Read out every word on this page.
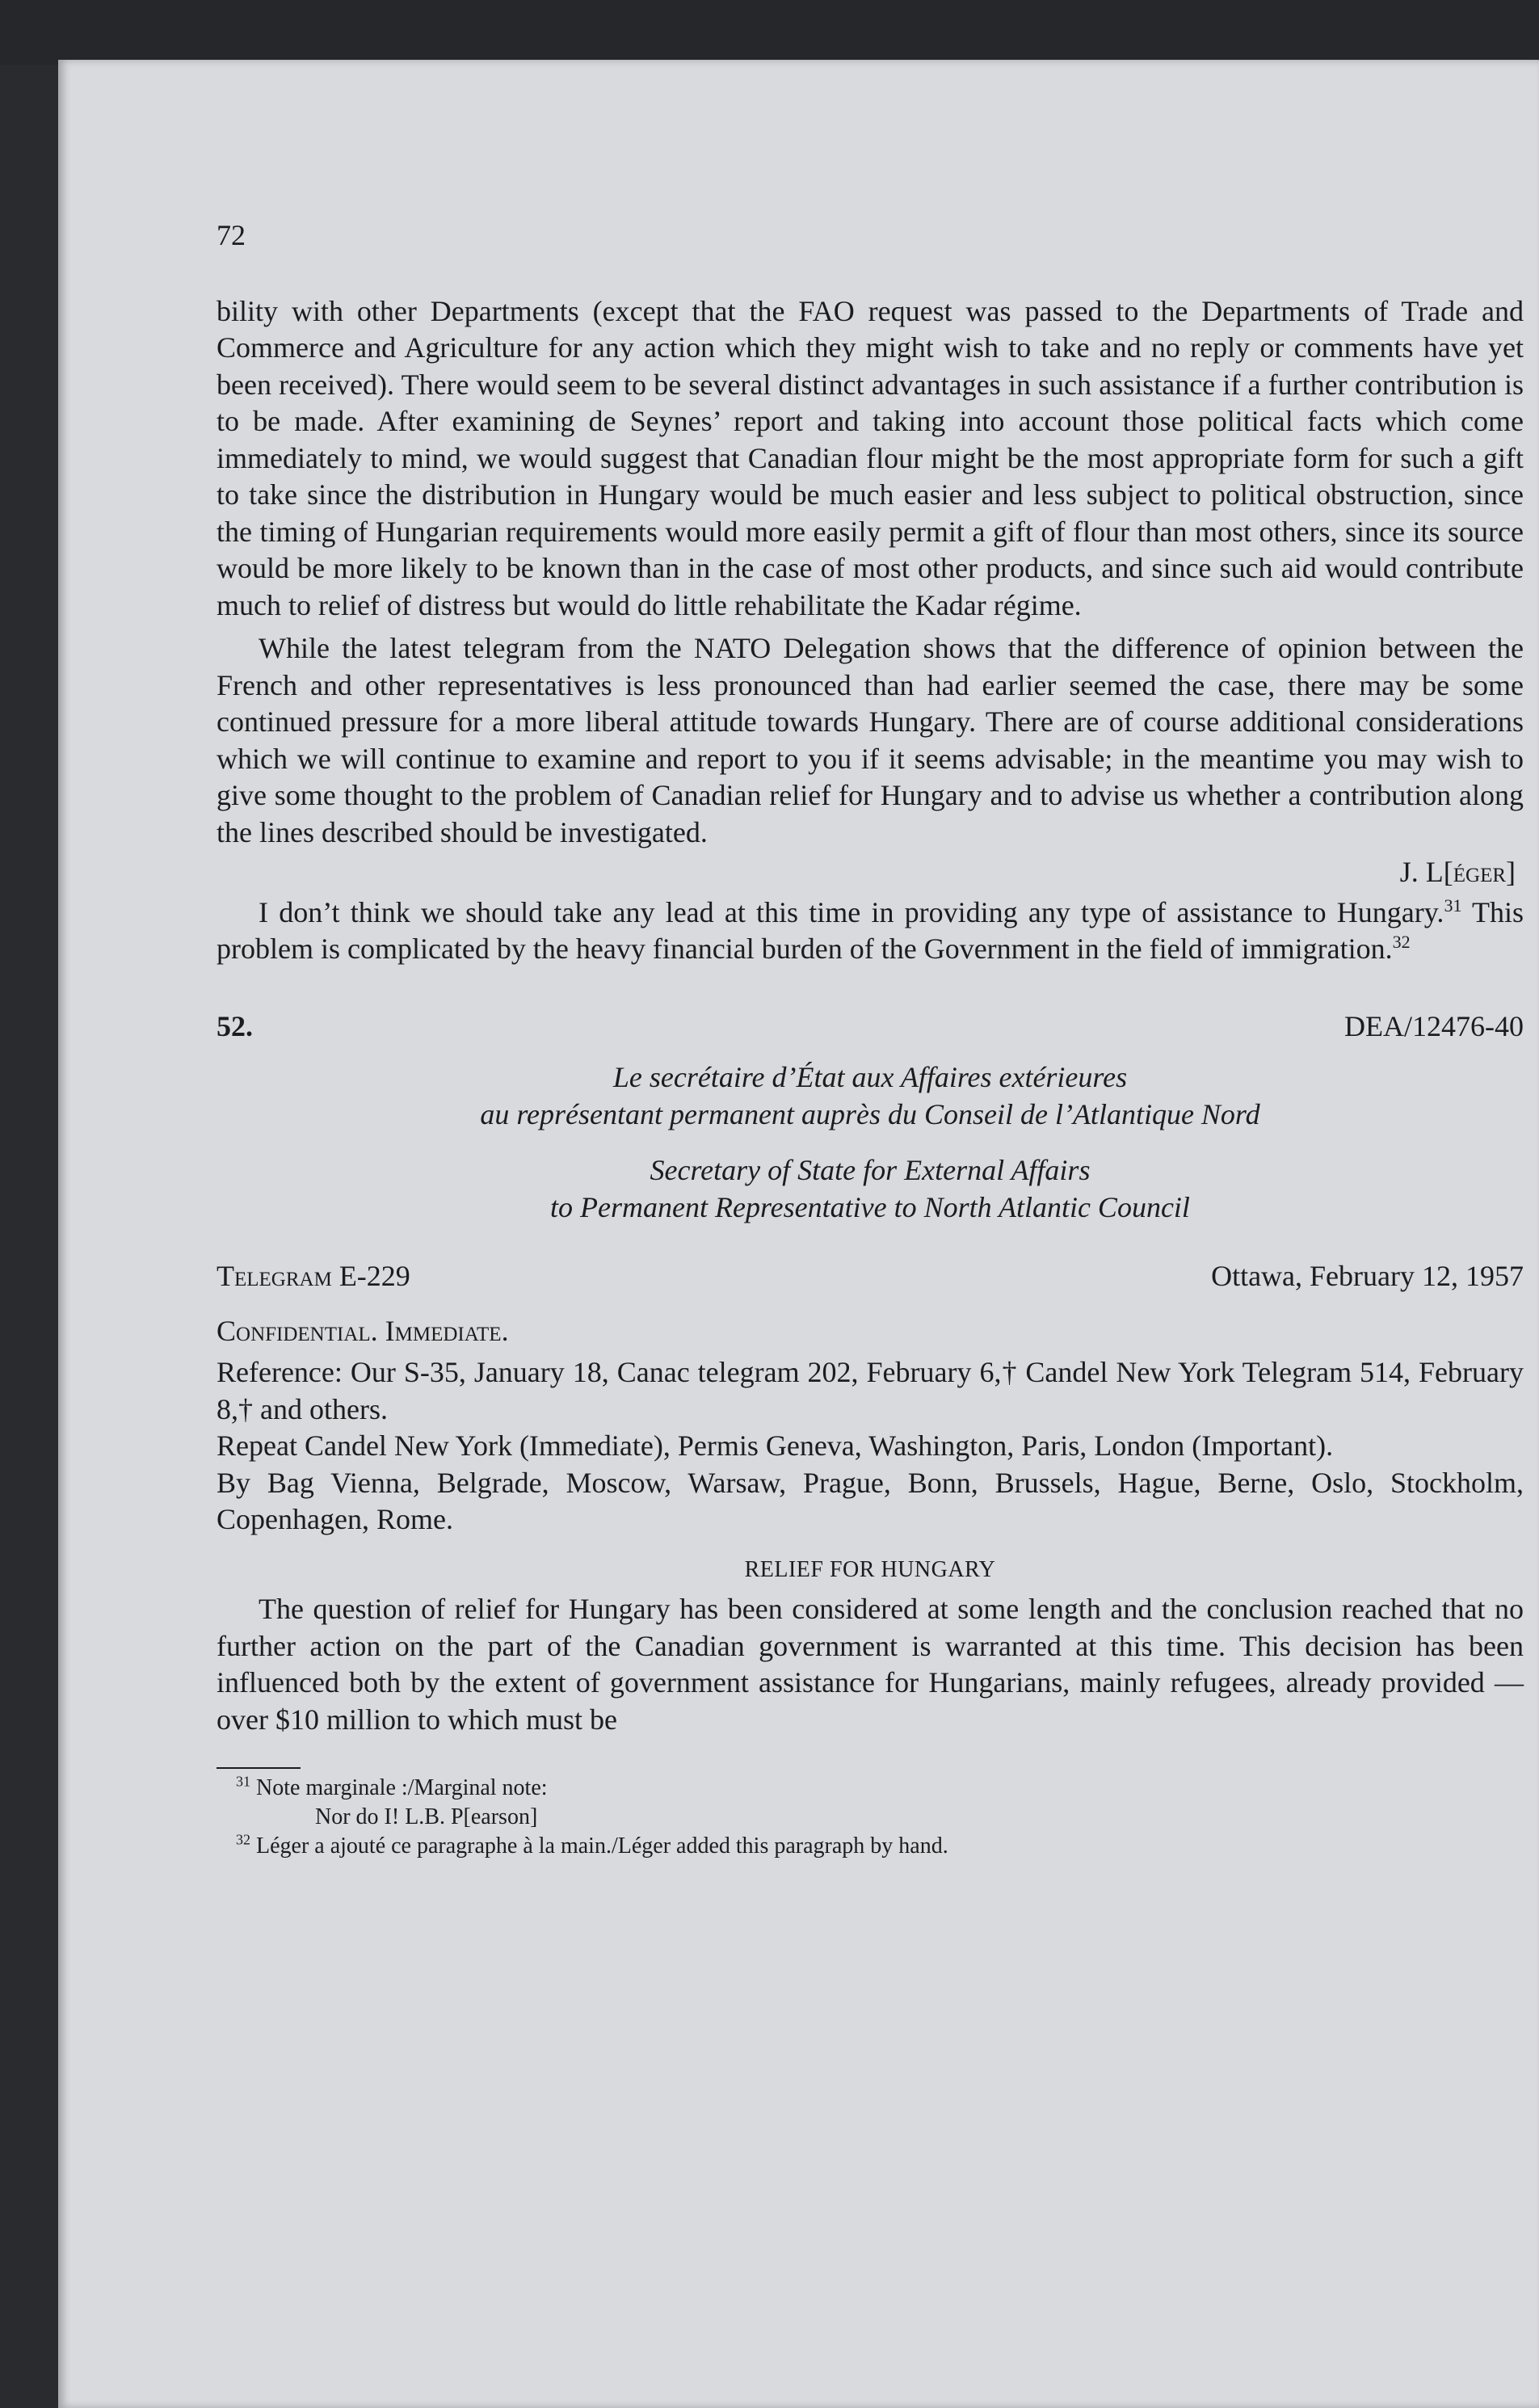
72

bility with other Departments (except that the FAO request was passed to the Departments of Trade and Commerce and Agriculture for any action which they might wish to take and no reply or comments have yet been received). There would seem to be several distinct advantages in such assistance if a further contribution is to be made. After examining de Seynes’ report and taking into account those political facts which come immediately to mind, we would suggest that Canadian flour might be the most appropriate form for such a gift to take since the distribution in Hungary would be much easier and less subject to political obstruction, since the timing of Hungarian requirements would more easily permit a gift of flour than most others, since its source would be more likely to be known than in the case of most other products, and since such aid would contribute much to relief of distress but would do little rehabilitate the Kadar régime.

While the latest telegram from the NATO Delegation shows that the difference of opinion between the French and other representatives is less pronounced than had earlier seemed the case, there may be some continued pressure for a more liberal attitude towards Hungary. There are of course additional considerations which we will continue to examine and report to you if it seems advisable; in the meantime you may wish to give some thought to the problem of Canadian relief for Hungary and to advise us whether a contribution along the lines described should be investigated.

J. L[éger]

I don’t think we should take any lead at this time in providing any type of assistance to Hungary.$^{31}$ This problem is complicated by the heavy financial burden of the Government in the field of immigration.$^{32}$

52.	DEA/12476-40
Le secrétaire d’État aux Affaires extérieures
au représentant permanent auprès du Conseil de l’Atlantique Nord
Secretary of State for External Affairs
to Permanent Representative to North Atlantic Council
Telegram E-229	Ottawa, February 12, 1957
Confidential. Immediate.

Reference: Our S-35, January 18, Canac telegram 202, February 6,† Candel New York Telegram 514, February 8,† and others.

Repeat Candel New York (Immediate), Permis Geneva, Washington, Paris, London (Important).

By Bag Vienna, Belgrade, Moscow, Warsaw, Prague, Bonn, Brussels, Hague, Berne, Oslo, Stockholm, Copenhagen, Rome.

RELIEF FOR HUNGARY

The question of relief for Hungary has been considered at some length and the conclusion reached that no further action on the part of the Canadian government is warranted at this time. This decision has been influenced both by the extent of government assistance for Hungarians, mainly refugees, already provided — over $10 million to which must be

$^{31}$ Note marginale :/Marginal note:
Nor do I! L.B. P[earson]
$^{32}$ Léger a ajouté ce paragraphe à la main./Léger added this paragraph by hand.
